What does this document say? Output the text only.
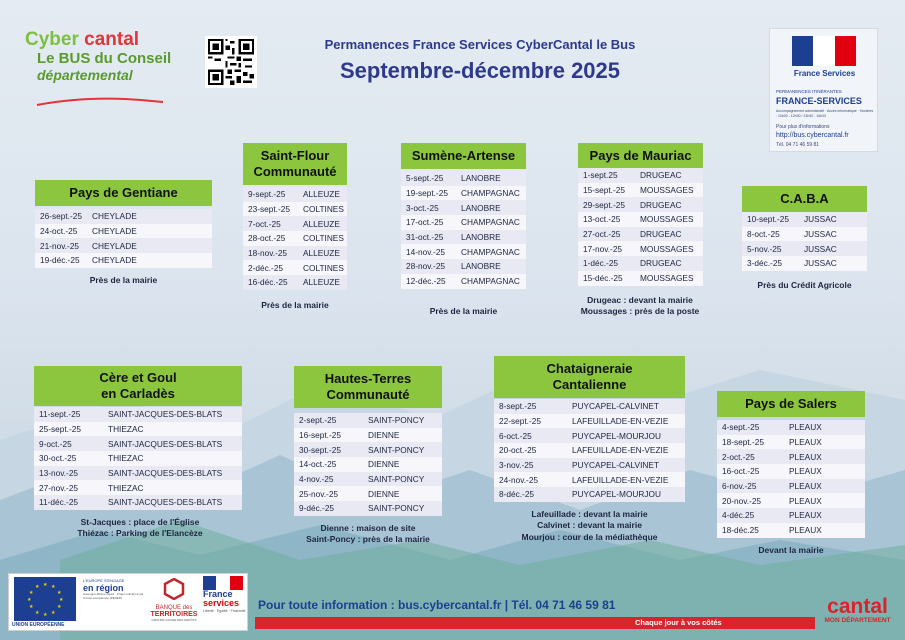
Cyber cantal
Le BUS du Conseil
départemental
Permanences France Services CyberCantal le Bus
Septembre-décembre 2025	France Services
PERMANENCES ITINÉRANTES
FRANCE-SERVICES
Accompagnement administratif · Accès informatique · Horaires : 10h30 - 12h30 / 13h30 - 16h00
Pour plus d'informations
http://bus.cybercantal.fr
Tél. 04 71 46 59 81
Pays de Gentiane
26-sept.-25	CHEYLADE
24-oct.-25	CHEYLADE
21-nov.-25	CHEYLADE
19-déc.-25	CHEYLADE
Près de la mairie
Saint-Flour Communauté
9-sept.-25	ALLEUZE
23-sept.-25	COLTINES
7-oct.-25	ALLEUZE
28-oct.-25	COLTINES
18-nov.-25	ALLEUZE
2-déc.-25	COLTINES
16-déc.-25	ALLEUZE
Près de la mairie
Sumène-Artense
5-sept.-25	LANOBRE
19-sept.-25	CHAMPAGNAC
3-oct.-25	LANOBRE
17-oct.-25	CHAMPAGNAC
31-oct.-25	LANOBRE
14-nov.-25	CHAMPAGNAC
28-nov.-25	LANOBRE
12-déc.-25	CHAMPAGNAC
Près de la mairie
Pays de Mauriac
1-sept.25	DRUGEAC
15-sept.-25	MOUSSAGES
29-sept.-25	DRUGEAC
13-oct.-25	MOUSSAGES
27-oct.-25	DRUGEAC
17-nov.-25	MOUSSAGES
1-déc.-25	DRUGEAC
15-déc.-25	MOUSSAGES
Drugeac : devant la mairie
Moussages : près de la poste
C.A.B.A
10-sept.-25	JUSSAC
8-oct.-25	JUSSAC
5-nov.-25	JUSSAC
3-déc.-25	JUSSAC
Près du Crédit Agricole
Cère et Goul
en Carladès
11-sept.-25	SAINT-JACQUES-DES-BLATS
25-sept.-25	THIEZAC
9-oct.-25	SAINT-JACQUES-DES-BLATS
30-oct.-25	THIEZAC
13-nov.-25	SAINT-JACQUES-DES-BLATS
27-nov.-25	THIEZAC
11-déc.-25	SAINT-JACQUES-DES-BLATS
St-Jacques : place de l'Église
Thiézac : Parking de l'Elancèze
Hautes-Terres
Communauté
2-sept.-25	SAINT-PONCY
16-sept.-25	DIENNE
30-sept.-25	SAINT-PONCY
14-oct.-25	DIENNE
4-nov.-25	SAINT-PONCY
25-nov.-25	DIENNE
9-déc.-25	SAINT-PONCY
Dienne : maison de site
Saint-Poncy : près de la mairie
Chataigneraie
Cantalienne
8-sept.-25	PUYCAPEL-CALVINET
22-sept.-25	LAFEUILLADE-EN-VEZIE
6-oct.-25	PUYCAPEL-MOURJOU
20-oct.-25	LAFEUILLADE-EN-VEZIE
3-nov.-25	PUYCAPEL-CALVINET
24-nov.-25	LAFEUILLADE-EN-VEZIE
8-déc.-25	PUYCAPEL-MOURJOU
Lafeuillade : devant la mairie
Calvinet : devant la mairie
Mourjou : cour de la médiathèque
Pays de Salers
4-sept.-25	PLEAUX
18-sept.-25	PLEAUX
2-oct.-25	PLEAUX
16-oct.-25	PLEAUX
6-nov.-25	PLEAUX
20-nov.-25	PLEAUX
4-déc.25	PLEAUX
18-déc.25	PLEAUX
Devant la mairie
★ ★
★
★
★
★
★
★
★
★
★
★
UNION EUROPÉENNE
L'EUROPE S'ENGAGE
en région
Auvergne-Rhône-Alpes · Projet cofinancé par l'Union européenne (FEDER)
BANQUE des
TERRITOIRES
GROUPE CAISSE DES DÉPÔTS
France
services
Liberté · Égalité · Fraternité Pour toute information : bus.cybercantal.fr | Tél. 04 71 46 59 81
Chaque jour à vos côtés
cantal
MON DÉPARTEMENT
